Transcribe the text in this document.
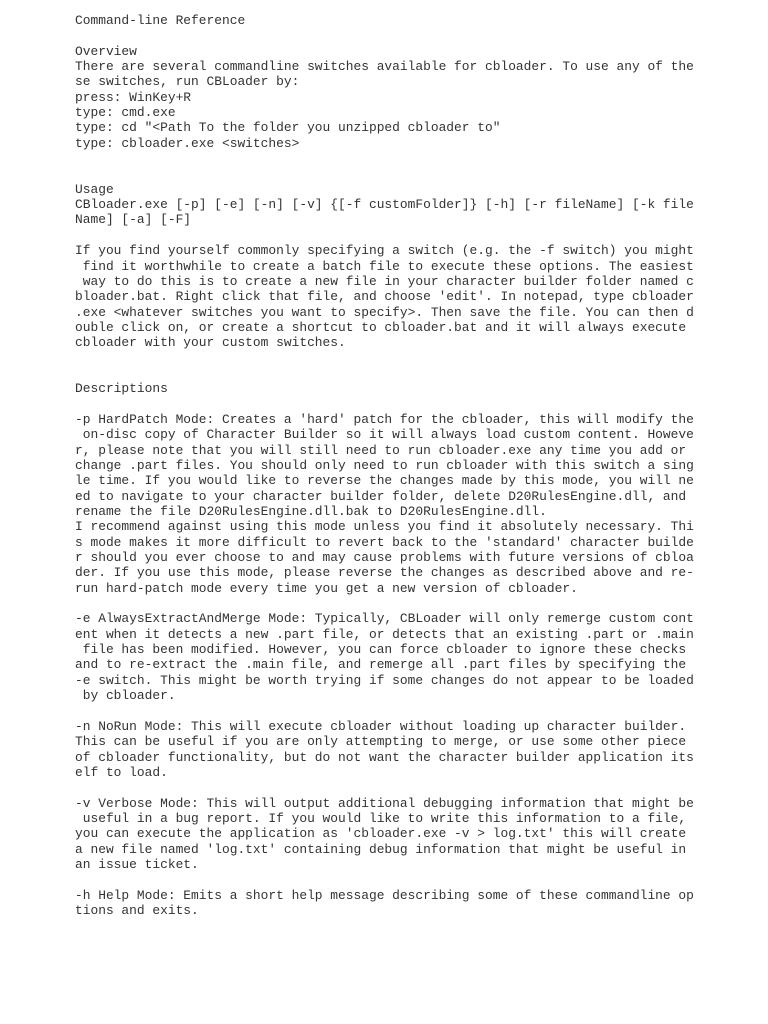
Command-line Reference
Overview
There are several commandline switches available for cbloader. To use any of the
se switches, run CBLoader by:
press: WinKey+R
type: cmd.exe
type: cd "<Path To the folder you unzipped cbloader to"
type: cbloader.exe <switches>
Usage
CBloader.exe [-p] [-e] [-n] [-v] {[-f customFolder]} [-h] [-r fileName] [-k file
Name] [-a] [-F]
If you find yourself commonly specifying a switch (e.g. the -f switch) you might
find it worthwhile to create a batch file to execute these options. The easiest
way to do this is to create a new file in your character builder folder named c
bloader.bat. Right click that file, and choose 'edit'. In notepad, type cbloader
.exe <whatever switches you want to specify>. Then save the file. You can then d
ouble click on, or create a shortcut to cbloader.bat and it will always execute
cbloader with your custom switches.
Descriptions
-p HardPatch Mode: Creates a 'hard' patch for the cbloader, this will modify the
on-disc copy of Character Builder so it will always load custom content. Howeve
r, please note that you will still need to run cbloader.exe any time you add or
change .part files. You should only need to run cbloader with this switch a sing
le time. If you would like to reverse the changes made by this mode, you will ne
ed to navigate to your character builder folder, delete D20RulesEngine.dll, and
rename the file D20RulesEngine.dll.bak to D20RulesEngine.dll.
I recommend against using this mode unless you find it absolutely necessary. Thi
s mode makes it more difficult to revert back to the 'standard' character builde
r should you ever choose to and may cause problems with future versions of cbloa
der. If you use this mode, please reverse the changes as described above and re-
run hard-patch mode every time you get a new version of cbloader.
-e AlwaysExtractAndMerge Mode: Typically, CBLoader will only remerge custom cont
ent when it detects a new .part file, or detects that an existing .part or .main
file has been modified. However, you can force cbloader to ignore these checks
and to re-extract the .main file, and remerge all .part files by specifying the
-e switch. This might be worth trying if some changes do not appear to be loaded
by cbloader.
-n NoRun Mode: This will execute cbloader without loading up character builder.
This can be useful if you are only attempting to merge, or use some other piece
of cbloader functionality, but do not want the character builder application its
elf to load.
-v Verbose Mode: This will output additional debugging information that might be
useful in a bug report. If you would like to write this information to a file,
you can execute the application as 'cbloader.exe -v > log.txt' this will create
a new file named 'log.txt' containing debug information that might be useful in
an issue ticket.
-h Help Mode: Emits a short help message describing some of these commandline op
tions and exits.
